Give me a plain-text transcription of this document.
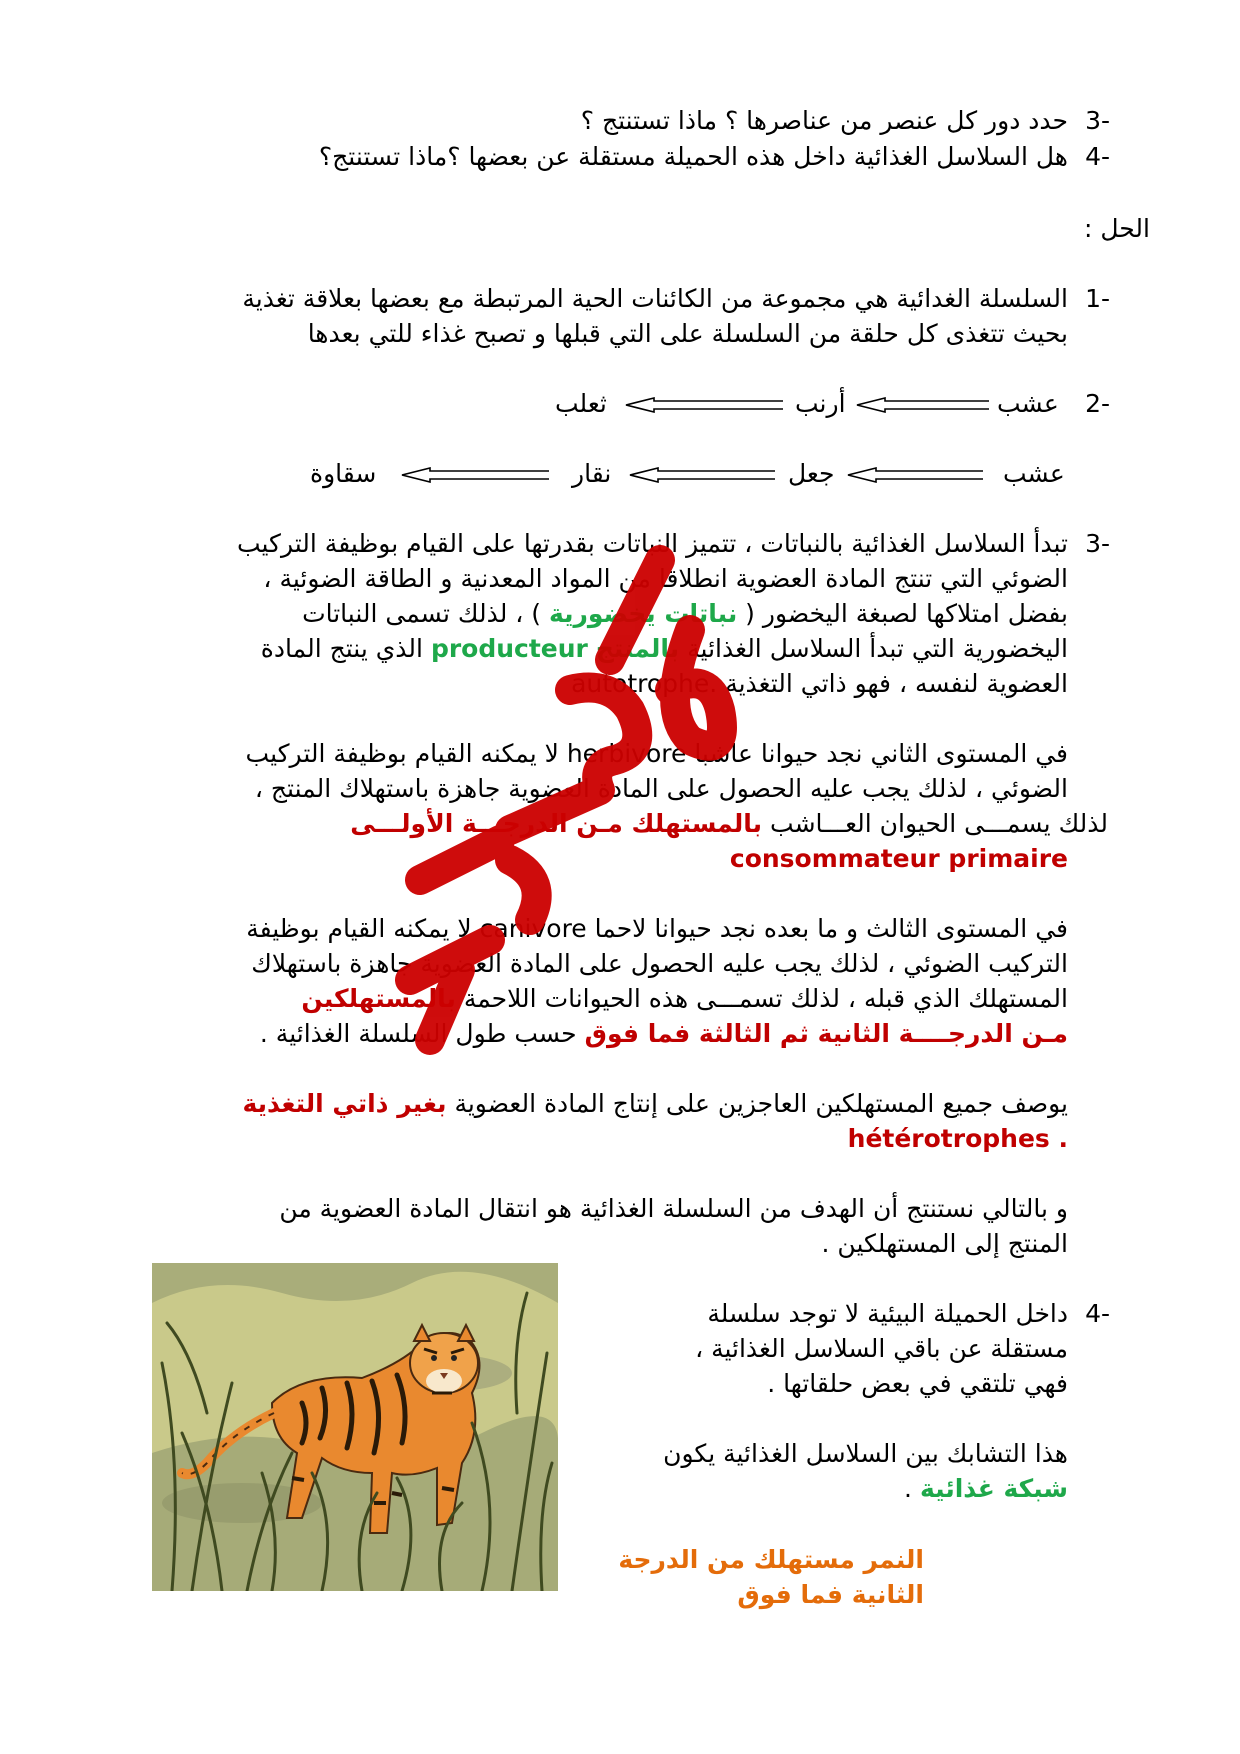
3-
حدد دور كل عنصر من عناصرها ؟ ماذا تستنتج ؟
4-
هل السلاسل الغذائية داخل هذه الحميلة مستقلة عن بعضها ؟ماذا تستنتج؟
الحل :
1-
السلسلة الغدائية هي مجموعة من الكائنات الحية المرتبطة مع بعضها بعلاقة تغذية
بحيث تتغذى كل حلقة من السلسلة على التي قبلها و تصبح غذاء للتي بعدها
2-
عشب
أرنب
ثعلب
عشب
جعل
نقار
سقاوة
3-
تبدأ السلاسل الغذائية بالنباتات ، تتميز النباتات بقدرتها على القيام بوظيفة التركيب
الضوئي التي تنتج المادة العضوية انطلاقا من المواد المعدنية و الطاقة الضوئية ،
بفضل امتلاكها لصبغة اليخضور ( نباتات يخضورية ) ، لذلك تسمى النباتات
اليخضورية التي تبدأ السلاسل الغذائية بالمنتج producteur الذي ينتج المادة
العضوية لنفسه ، فهو ذاتي التغذية autotrophe.
في المستوى الثاني نجد حيوانا عاشبا herbivore لا يمكنه القيام بوظيفة التركيب
الضوئي ، لذلك يجب عليه الحصول على المادة العضوية جاهزة باستهلاك المنتج ،
لذلك يسمـــى الحيوان العـــاشب بالمستهلك مـن الدرجـــة الأولـــى
consommateur primaire
في المستوى الثالث و ما بعده نجد حيوانا لاحما canivore لا يمكنه القيام بوظيفة
التركيب الضوئي ، لذلك يجب عليه الحصول على المادة العضوية جاهزة باستهلاك
المستهلك الذي قبله ، لذلك تسمـــى هذه الحيوانات اللاحمة بالمستهلكين
مـن الدرجــــة الثانية ثم الثالثة فما فوق حسب طول السلسلة الغذائية .
يوصف جميع المستهلكين العاجزين على إنتاج المادة العضوية بغير ذاتي التغذية
hétérotrophes .
و بالتالي نستنتج أن الهدف من السلسلة الغذائية هو انتقال المادة العضوية من
المنتج إلى المستهلكين .
4-
داخل الحميلة البيئية لا توجد سلسلة
مستقلة عن باقي السلاسل الغذائية ،
فهي تلتقي في بعض حلقاتها .
هذا التشابك بين السلاسل الغذائية يكون
شبكة غذائية .
النمر مستهلك من الدرجة
الثانية فما فوق
